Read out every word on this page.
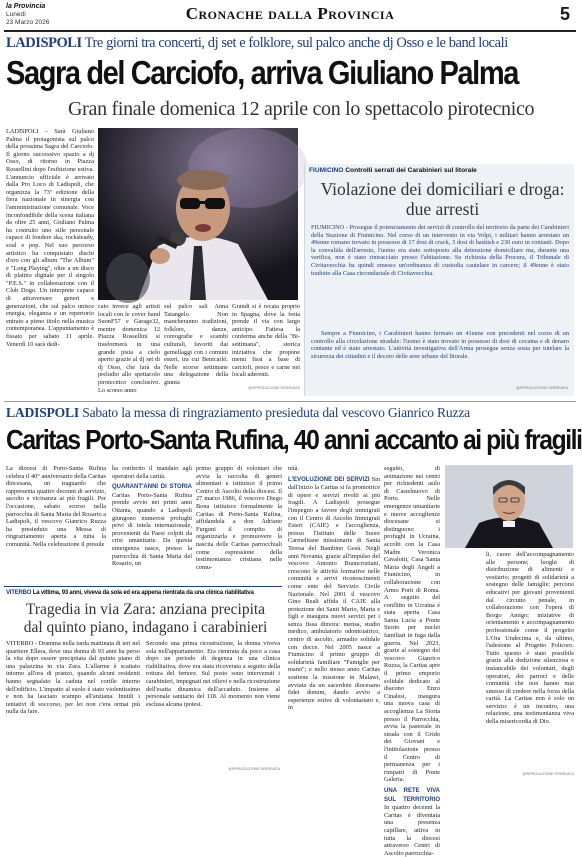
la Provincia
Lunedì
23 Marzo 2026	Cronache dalla Provincia	5
LADISPOLI Tre giorni tra concerti, dj set e folklore, sul palco anche dj Osso e le band locali
Sagra del Carciofo, arriva Giuliano Palma
Gran finale domenica 12 aprile con lo spettacolo pirotecnico

LADISPOLI – Sarà Giuliano Palma il protagonista sul palco della prossima Sagra del Carciofo. Il giorno successivo spazio a dj Osso, di ritorno in Piazza Rossellini dopo l'esibizione estiva. L'annuncio ufficiale è arrivato dalla Pro Loco di Ladispoli, che organizza la 73ª edizione della fiera nazionale in sinergia con l'amministrazione comunale. Voce inconfondibile della scena italiana da oltre 25 anni, Giuliano Palma ha costruito uno stile personale capace di fondere ska, rocksteady, soul e pop. Nel suo percorso artistico ha conquistato dischi d'oro con gli album "The Album" e "Long Playing", oltre a un disco di platino digitale per il singolo "P.E.S." in collaborazione con il Club Dogo. Un interprete capace di attraversare generi e generazioni, che sul palco unisce energia, eleganza e un repertorio entrato a pieno titolo nella musica contemporanea. L'appuntamento è fissato per sabato 11 aprile. Venerdì 10 sarà dedi-

cato invece agli artisti locali con le cover band SuonF57 e Garage32, mentre domenica 12 Piazza Rossellini si trasformerà in una grande pista a cielo aperto grazie al dj set di dj Osso, che farà da preludio allo spettacolo pirotecnico conclusivo. Lo scorso anno

sul palco sali Anna Tatangelo. Non mancheranno tradizioni, folklore, danze, coreografie e scambi culturali, favoriti dai gemellaggi con i comuni esteri, tra cui Benicarló. Nelle scorse settimane una delegazione della giunta

Grandi si è recata proprio in Spagna, dove la festa prende il via con largo anticipo. Fatiesa la conferma anche della "Bi-settimana", storica iniziativa che propone menu fissi a base di carciofi, pesce e carne nei locali aderenti.

@RIPRODUZIONE RISERVATA
FIUMICINO Controlli serrati dei Carabinieri sul litorale
Violazione dei domiciliari e droga: due arresti

FIUMICINO - Prosegue il potenziamento dei servizi di controllo del territorio da parte dei Carabinieri della Stazione di Fiumicino. Nel corso di un intervento in via Volpi, i militari hanno arrestato un 49enne romano trovato in possesso di 17 dosi di crack, 3 dosi di hashish e 230 euro in contanti. Dopo la convalida dell'arresto, l'uomo era stato sottoposto alla detenzione domiciliare ma, durante una verifica, non è stato rintracciato presso l'abitazione. Su richiesta della Procura, il Tribunale di Civitavecchia ha quindi emesso un'ordinanza di custodia cautelare in carcere; il 49enne è stato tradotto alla Casa circondariale di Civitavecchia.

Sempre a Fiumicino, i Carabinieri hanno fermato un 41enne con precedenti nel corso di un controllo alla circolazione stradale: l'uomo è stato trovato in possesso di dosi di cocaina e di denaro contante ed è stato arrestato. L'attività investigativa dell'Arma prosegue senza sosta per tutelare la sicurezza dei cittadini e il decoro delle aree urbane del litorale.

@RIPRODUZIONE RISERVATA
LADISPOLI Sabato la messa di ringraziamento presieduta dal vescovo Gianrico Ruzza
Caritas Porto-Santa Rufina, 40 anni accanto ai più fragili

La diocesi di Porto-Santa Rufina celebra il 40° anniversario della Caritas diocesana, un traguardo che rappresenta quattro decenni di servizio, ascolto e vicinanza ai più fragili. Per l'occasione, sabato scorso nella parrocchia di Santa Maria del Rosario a Ladispoli, il vescovo Gianrico Ruzza ha presieduto una Messa di ringraziamento aperta a tutta la comunità. Nella celebrazione il presule

ha conferito il mandato agli operatori della carità.

QUARANT'ANNI DI STORIA Caritas Porto-Santa Rufina prende avvio nei primi anni Ottanta, quando a Ladispoli giungono numerosi profughi privi di tutela internazionale, provenienti da Paesi colpiti da crisi umanitarie. Da questa emergenza nasce, presso la parrocchia di Santa Maria del Rosario, un

primo gruppo di volontari che avvia la raccolta di generi alimentari e istituisce il primo Centro di Ascolto della diocesi. Il 27 marzo 1986, il vescovo Diego Bona istituisce formalmente la Caritas di Porto-Santa Rufina, affidandola a don Adriano Furgoni il compito di organizzarla e promuovere la nascita delle Caritas parrocchiali come espressione della testimonianza cristiana nelle comu-

nità.

L'EVOLUZIONE DEI SERVIZI Sin dall'inizio la Caritas si fa promotrice di opere e servizi rivolti ai più fragili. A Ladispoli prosegue l'impegno a favore degli immigrati con il Centro di Ascolto Immigrati Esteri (CAIE) e l'accoglienza, presso l'Istituto delle Suore Carmelitane missionarie di Santa Teresa del Bambino Gesù. Negli anni Novanta, grazie all'impulso del vescovo Antonio Buoncristiani, crescono le attività formative nelle comunità e arrivi riconoscimenti come ente del Servizio Civile Nazionale. Nel 2001 il vescovo Gino Reali affida il CAIE alla protezione dei Santi Mario, Marta e figli e inaugura nuovi servizi per i senza fissa dimora: mensa, studio medico, ambulatorio odontoiatrico, centro di ascolto, armadio solidale con docce. Nel 2005 nasce a Fiumicino il primo gruppo di solidarietà familiare "Famiglie per mano"; e nello stesso anno Caritas sostiene la missione in Malawi, avviata da un sacerdote diocesano fidei donum, dando avvio a esperienze estive di volontariato e, in

seguito, di animazione nei centri per richiedenti asilo di Castelnuovo di Porto. Nelle emergenze umanitarie e nuove accoglienze diocesane si distinguono i profughi in Ucraina, accolti con la Casa Madre Veronica Cavalotti, Casa Santa Maria degli Angeli a Fiumicino, in collaborazione con Armo Porti di Roma. A seguito del conflitto in Ucraina è stata aperta Casa Santa Lucia a Ponte Storto per nuclei familiari in fuga dalla guerra. Nel 2023, grazie al sostegno del vescovo Gianrico Ruzza, la Caritas apre il primo emporio solidale dedicato al diacono Enzo Cinalesi, inaugura una nuova casa di accoglienza La Storta presso il Parrocchia, avvia la pastorale in strada con il Grido dei Giovani e l'intitolazione presso il Centro di permanenza per i rimpatri di Ponte Galeria.

UNA RETE VIVA SUL TERRITORIO In quattro decenni la Caritas è diventata una presenza capillare, attiva in tutta la diocesi attraverso Centri di Ascolto parrocchia-

li, cuore dell'accompagnamento alle persone; luoghi di distribuzione di alimenti e vestiario; progetti di solidarietà a sostegno delle famiglie; percorsi educativi per giovani provenienti dal circuito penale, in collaborazione con l'opera di Borgo Amigo; iniziative di orientamento e accompagnamento professionale come il progetto L'Ora Undecima e, da ultimo, l'adesione al Progetto Policoro. Tutto questo è stato possibile grazie alla dedizione silenziosa e instancabile dei volontari, degli operatori, dei parroci e delle comunità che non hanno mai smesso di credere nella forza della carità. La Caritas non è solo un servizio: è un incontro, una relazione, una testimonianza viva della misericordia di Dio.

@RIPRODUZIONE RISERVATA
VITERBO La vittima, 93 anni, viveva da sola ed era appena rientrata da una clinica riabilitativa
Tragedia in via Zara: anziana precipita dal quinto piano, indagano i carabinieri

VITERBO - Dramma nella tarda mattinata di ieri nel quartiere Ellera, dove una donna di 93 anni ha perso la vita dopo essere precipitata dal quinto piano di una palazzina in via Zara. L'allarme è scattato intorno all'ora di pranzo, quando alcuni residenti hanno segnalato la caduta nel cortile interno dell'edificio. L'impatto al suolo è stato violentissimo e non ha lasciato scampo all'anziana. Inutili i tentativi di soccorso, per lei non c'era ormai più nulla da fare.

Secondo una prima ricostruzione, la donna viveva sola nell'appartamento. Era rientrata da poco a casa dopo un periodo di degenza in una clinica riabilitativa, dove era stata ricoverata a seguito della rottura del femore. Sul posto sono intervenuti i carabinieri, impegnati nei rilievi e nella ricostruzione dell'esatta dinamica dell'accaduto. Insieme al personale sanitario del 118. Al momento non viene esclusa alcuna ipotesi.

@RIPRODUZIONE RISERVATA
